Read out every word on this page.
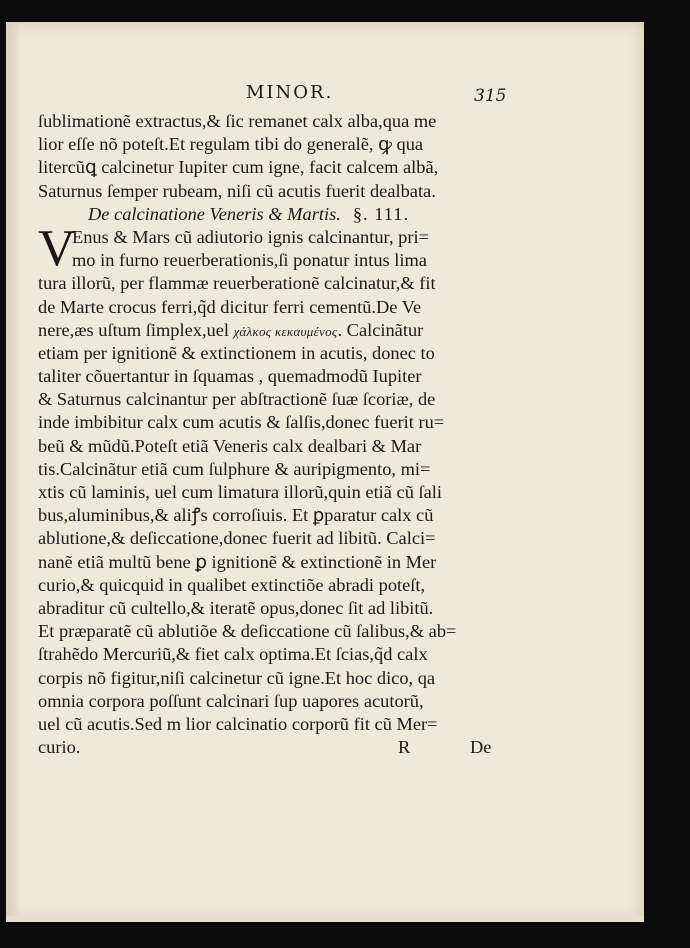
MINOR.	315
ſublimationẽ extractus,& ſic remanet calx alba,qua me
lior eſſe nõ poteſt.Et regulam tibi do generalẽ, ꝙ qua
litercũꝗ calcinetur Iupiter cum igne, facit calcem albã,
Saturnus ſemper rubeam, niſi cũ acutis fuerit dealbata.
De calcinatione Veneris & Martis. §. 111.
V
Enus & Mars cũ adiutorio ignis calcinantur, pri=
mo in furno reuerberationis,ſi ponatur intus lima
tura illorũ, per flammæ reuerberationẽ calcinatur,& fit
de Marte crocus ferri,q̃d dicitur ferri cementũ.De Ve
nere,æs uſtum ſimplex,uel χάλκος κεκαυμένος. Calcinãtur
etiam per ignitionẽ & extinctionem in acutis, donec to
taliter cõuertantur in ſquamas , quemadmodũ Iupiter
& Saturnus calcinantur per abſtractionẽ ſuæ ſcoriæ, de
inde imbibitur calx cum acutis & ſalſis,donec fuerit ru=
beũ & mũdũ.Poteſt etiã Veneris calx dealbari & Mar
tis.Calcinãtur etiã cum ſulphure & auripigmento, mi=
xtis cũ laminis, uel cum limatura illorũ,quin etiã cũ ſali
bus,aluminibus,& aliꝭs corroſiuis. Et ꝑparatur calx cũ
ablutione,& deſiccatione,donec fuerit ad libitũ. Calci=
nanẽ etiã multũ bene ꝑ ignitionẽ & extinctionẽ in Mer
curio,& quicquid in qualibet extinctiõe abradi poteſt,
abraditur cũ cultello,& iteratẽ opus,donec ſit ad libitũ.
Et præparatẽ cũ ablutiõe & deſiccatione cũ ſalibus,& ab=
ſtrahẽdo Mercuriũ,& fiet calx optima.Et ſcias,q̃d calx
corpis nõ figitur,niſi calcinetur cũ igne.Et hoc dico, qa
omnia corpora poſſunt calcinari ſup uapores acutorũ,
uel cũ acutis.Sed m lior calcinatio corporũ fit cũ Mer=
curio.	R	De
